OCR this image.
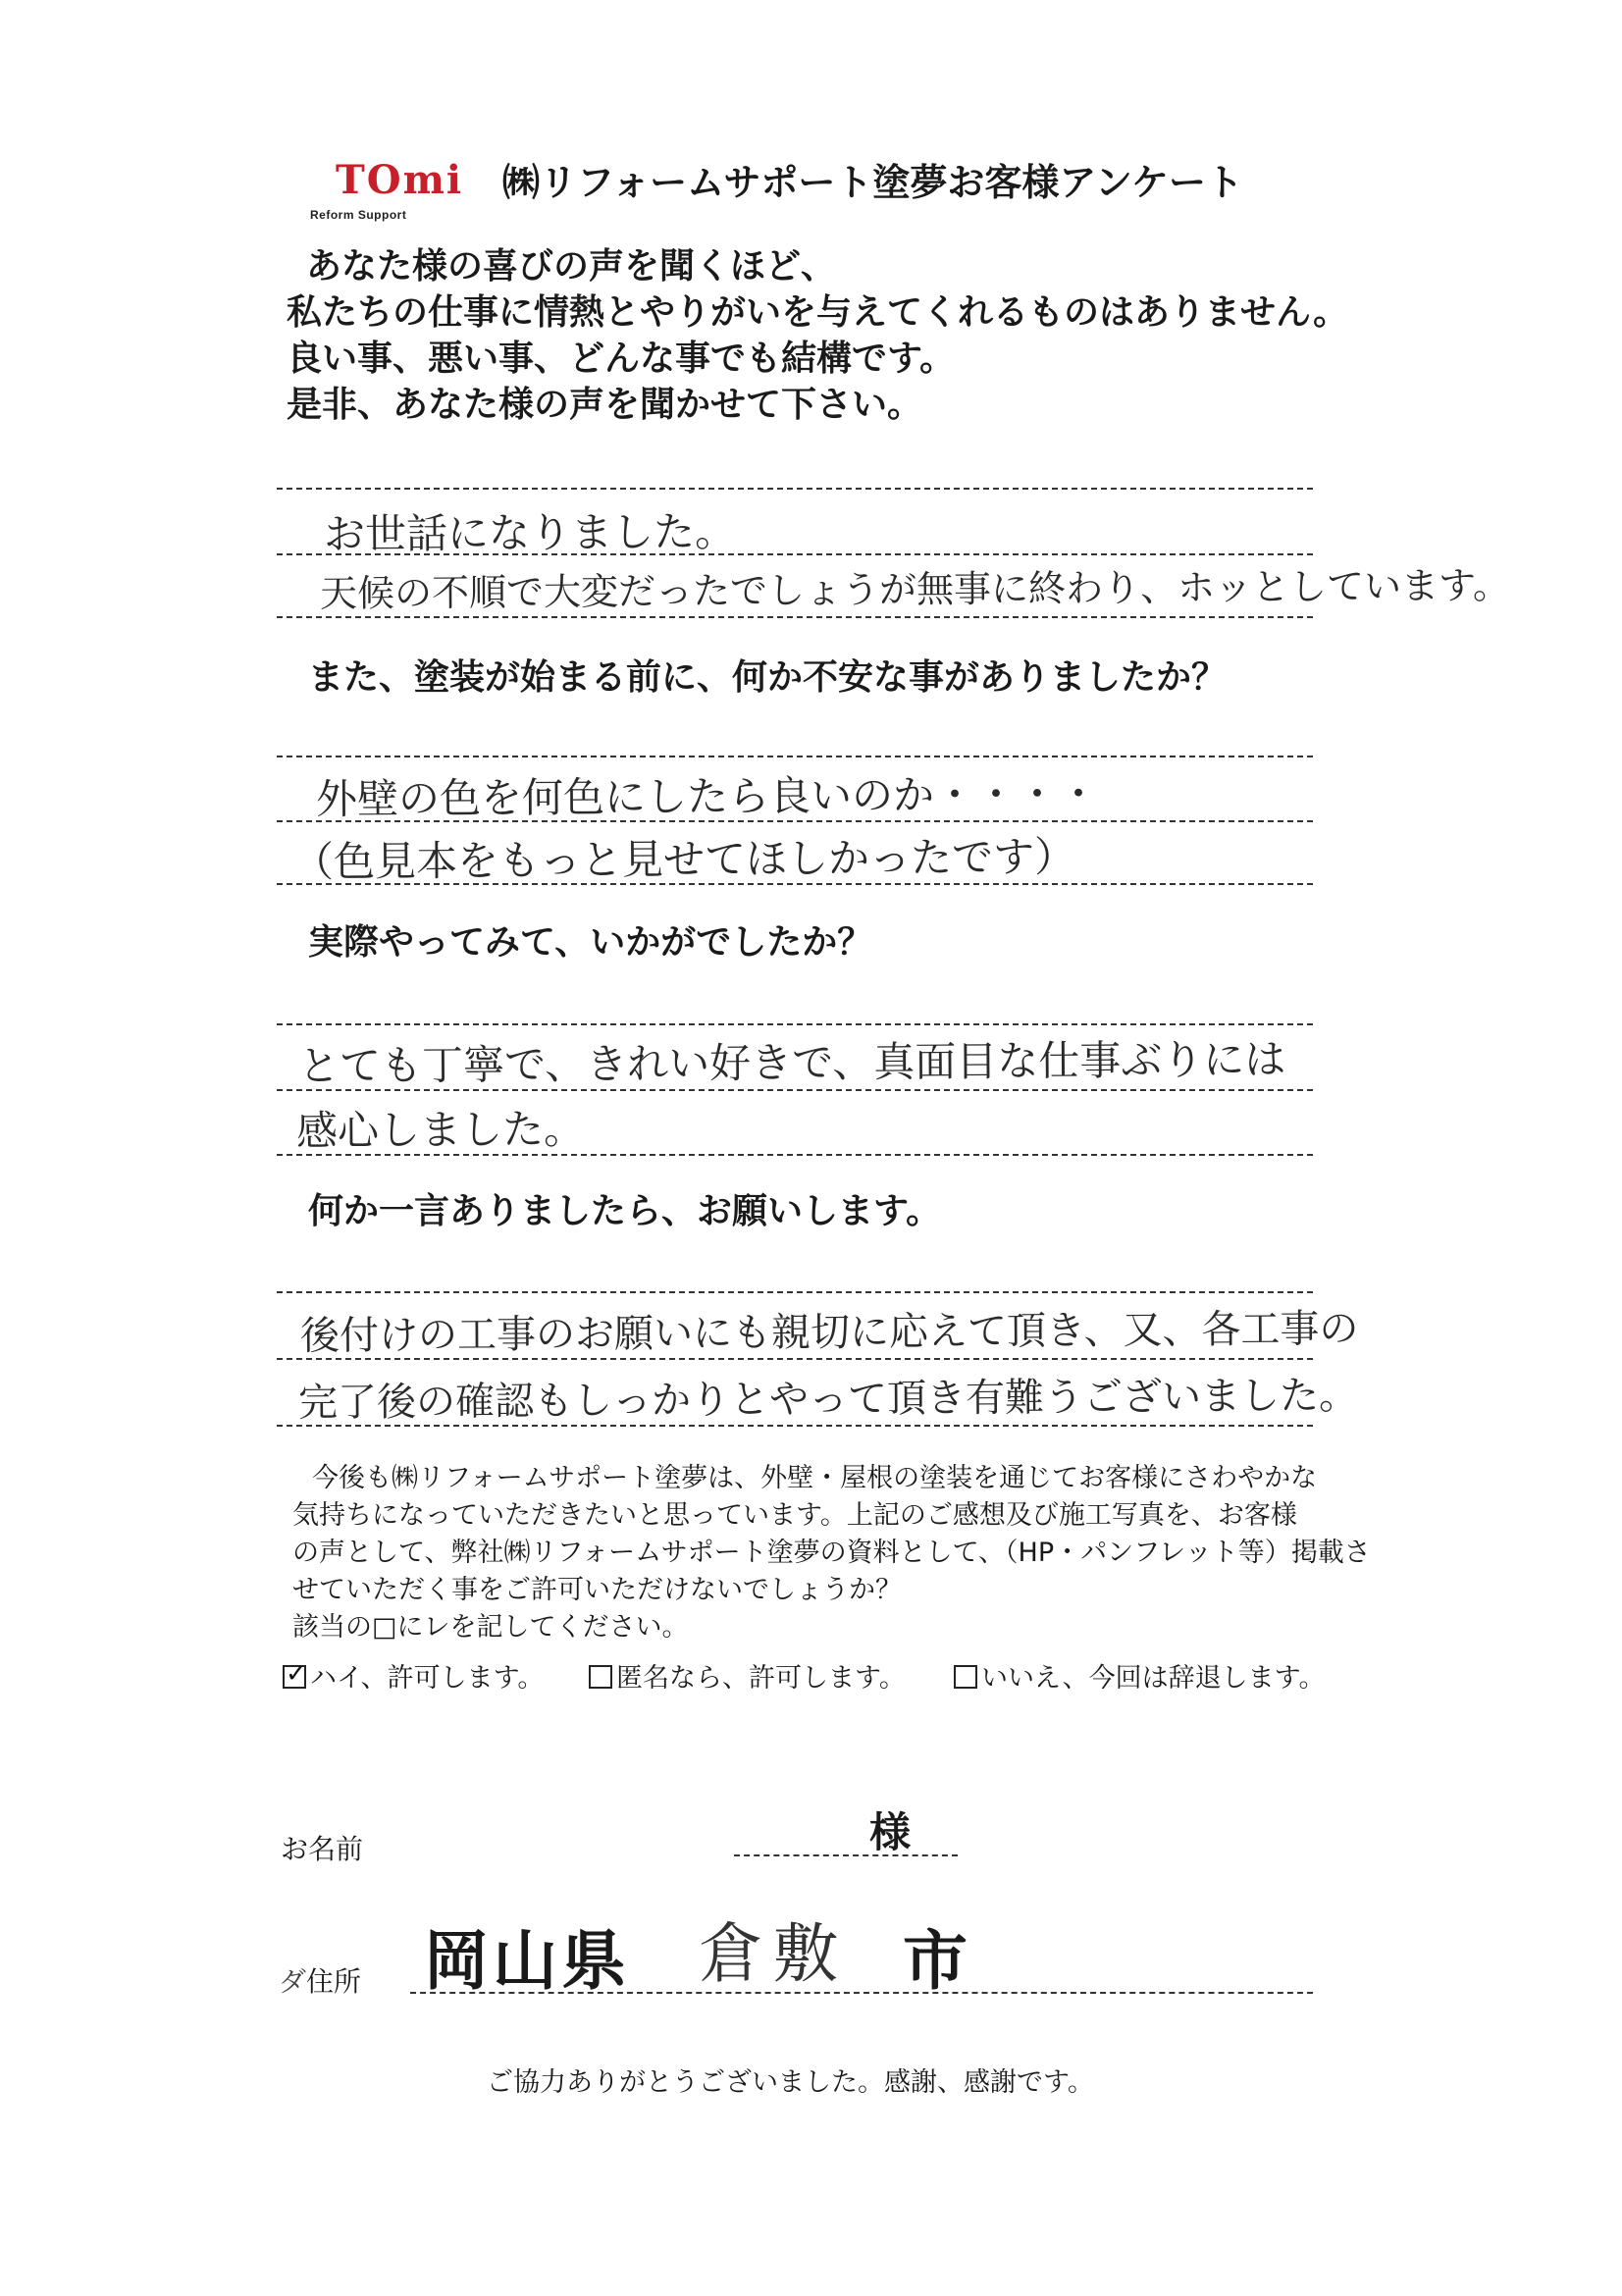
TOmi
Reform Support
㈱リフォームサポート塗夢お客様アンケート
あなた様の喜びの声を聞くほど、
私たちの仕事に情熱とやりがいを与えてくれるものはありません。
良い事、悪い事、どんな事でも結構です。
是非、あなた様の声を聞かせて下さい。
お世話になりました。
天候の不順で大変だったでしょうが無事に終わり、ホッとしています。
また、塗装が始まる前に、何か不安な事がありましたか？
外壁の色を何色にしたら良いのか・・・・
（色見本をもっと見せてほしかったです）
実際やってみて、いかがでしたか？
とても丁寧で、きれい好きで、真面目な仕事ぶりには
感心しました。
何か一言ありましたら、お願いします。
後付けの工事のお願いにも親切に応えて頂き、又、各工事の
完了後の確認もしっかりとやって頂き有難うございました。
今後も㈱リフォームサポート塗夢は、外壁・屋根の塗装を通じてお客様にさわやかな
気持ちになっていただきたいと思っています。上記のご感想及び施工写真を、お客様
の声として、弊社㈱リフォームサポート塗夢の資料として、（HP・パンフレット等）掲載さ
せていただく事をご許可いただけないでしょうか？
該当の□にレを記してください。
✓ハイ、許可します。	匿名なら、許可します。	いいえ、今回は辞退します。
お名前	様
ダ住所 岡山県 倉敷 市
ご協力ありがとうございました。感謝、感謝です。
